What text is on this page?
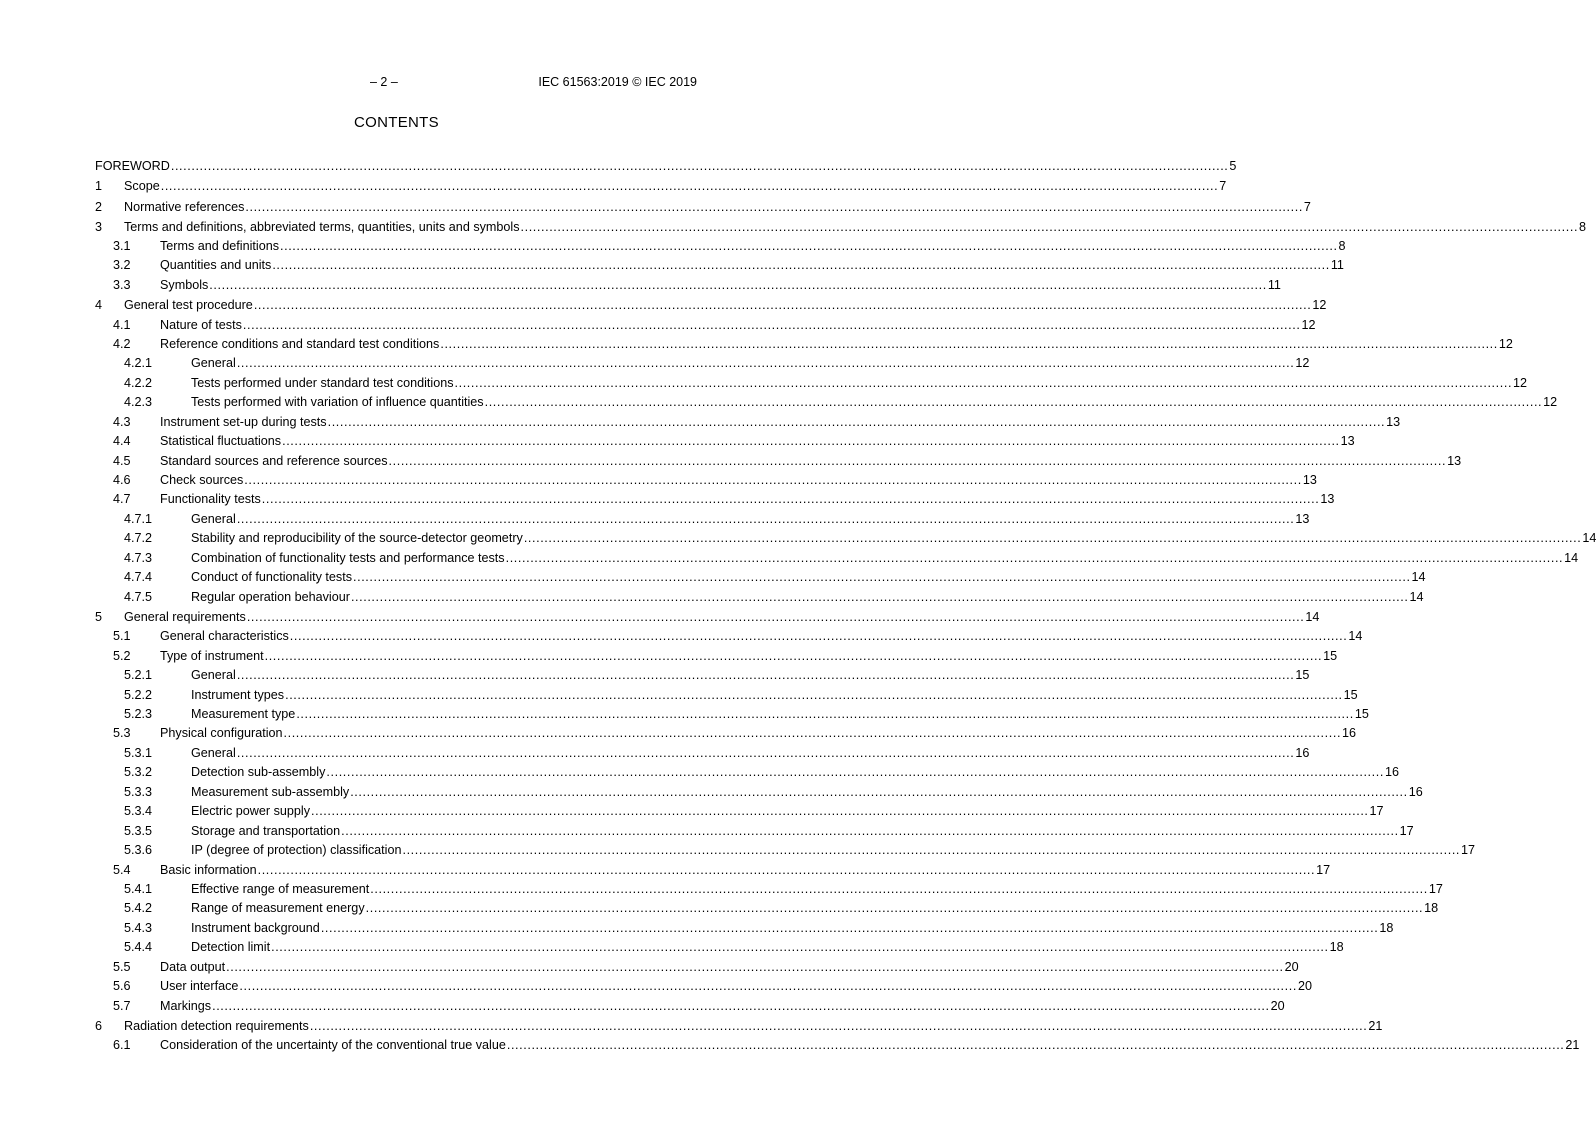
– 2 –	IEC 61563:2019 © IEC 2019
CONTENTS
FOREWORD .....	5
1	Scope .....	7
2	Normative references .....	7
3	Terms and definitions, abbreviated terms, quantities, units and symbols .....	8
3.1	Terms and definitions .....	8
3.2	Quantities and units .....	11
3.3	Symbols .....	11
4	General test procedure .....	12
4.1	Nature of tests .....	12
4.2	Reference conditions and standard test conditions .....	12
4.2.1	General .....	12
4.2.2	Tests performed under standard test conditions .....	12
4.2.3	Tests performed with variation of influence quantities .....	12
4.3	Instrument set-up during tests .....	13
4.4	Statistical fluctuations .....	13
4.5	Standard sources and reference sources .....	13
4.6	Check sources .....	13
4.7	Functionality tests .....	13
4.7.1	General .....	13
4.7.2	Stability and reproducibility of the source-detector geometry .....	14
4.7.3	Combination of functionality tests and performance tests .....	14
4.7.4	Conduct of functionality tests .....	14
4.7.5	Regular operation behaviour .....	14
5	General requirements .....	14
5.1	General characteristics .....	14
5.2	Type of instrument .....	15
5.2.1	General .....	15
5.2.2	Instrument types .....	15
5.2.3	Measurement type .....	15
5.3	Physical configuration .....	16
5.3.1	General .....	16
5.3.2	Detection sub-assembly .....	16
5.3.3	Measurement sub-assembly .....	16
5.3.4	Electric power supply .....	17
5.3.5	Storage and transportation .....	17
5.3.6	IP (degree of protection) classification .....	17
5.4	Basic information .....	17
5.4.1	Effective range of measurement .....	17
5.4.2	Range of measurement energy .....	18
5.4.3	Instrument background .....	18
5.4.4	Detection limit .....	18
5.5	Data output .....	20
5.6	User interface .....	20
5.7	Markings .....	20
6	Radiation detection requirements .....	21
6.1	Consideration of the uncertainty of the conventional true value .....	21
